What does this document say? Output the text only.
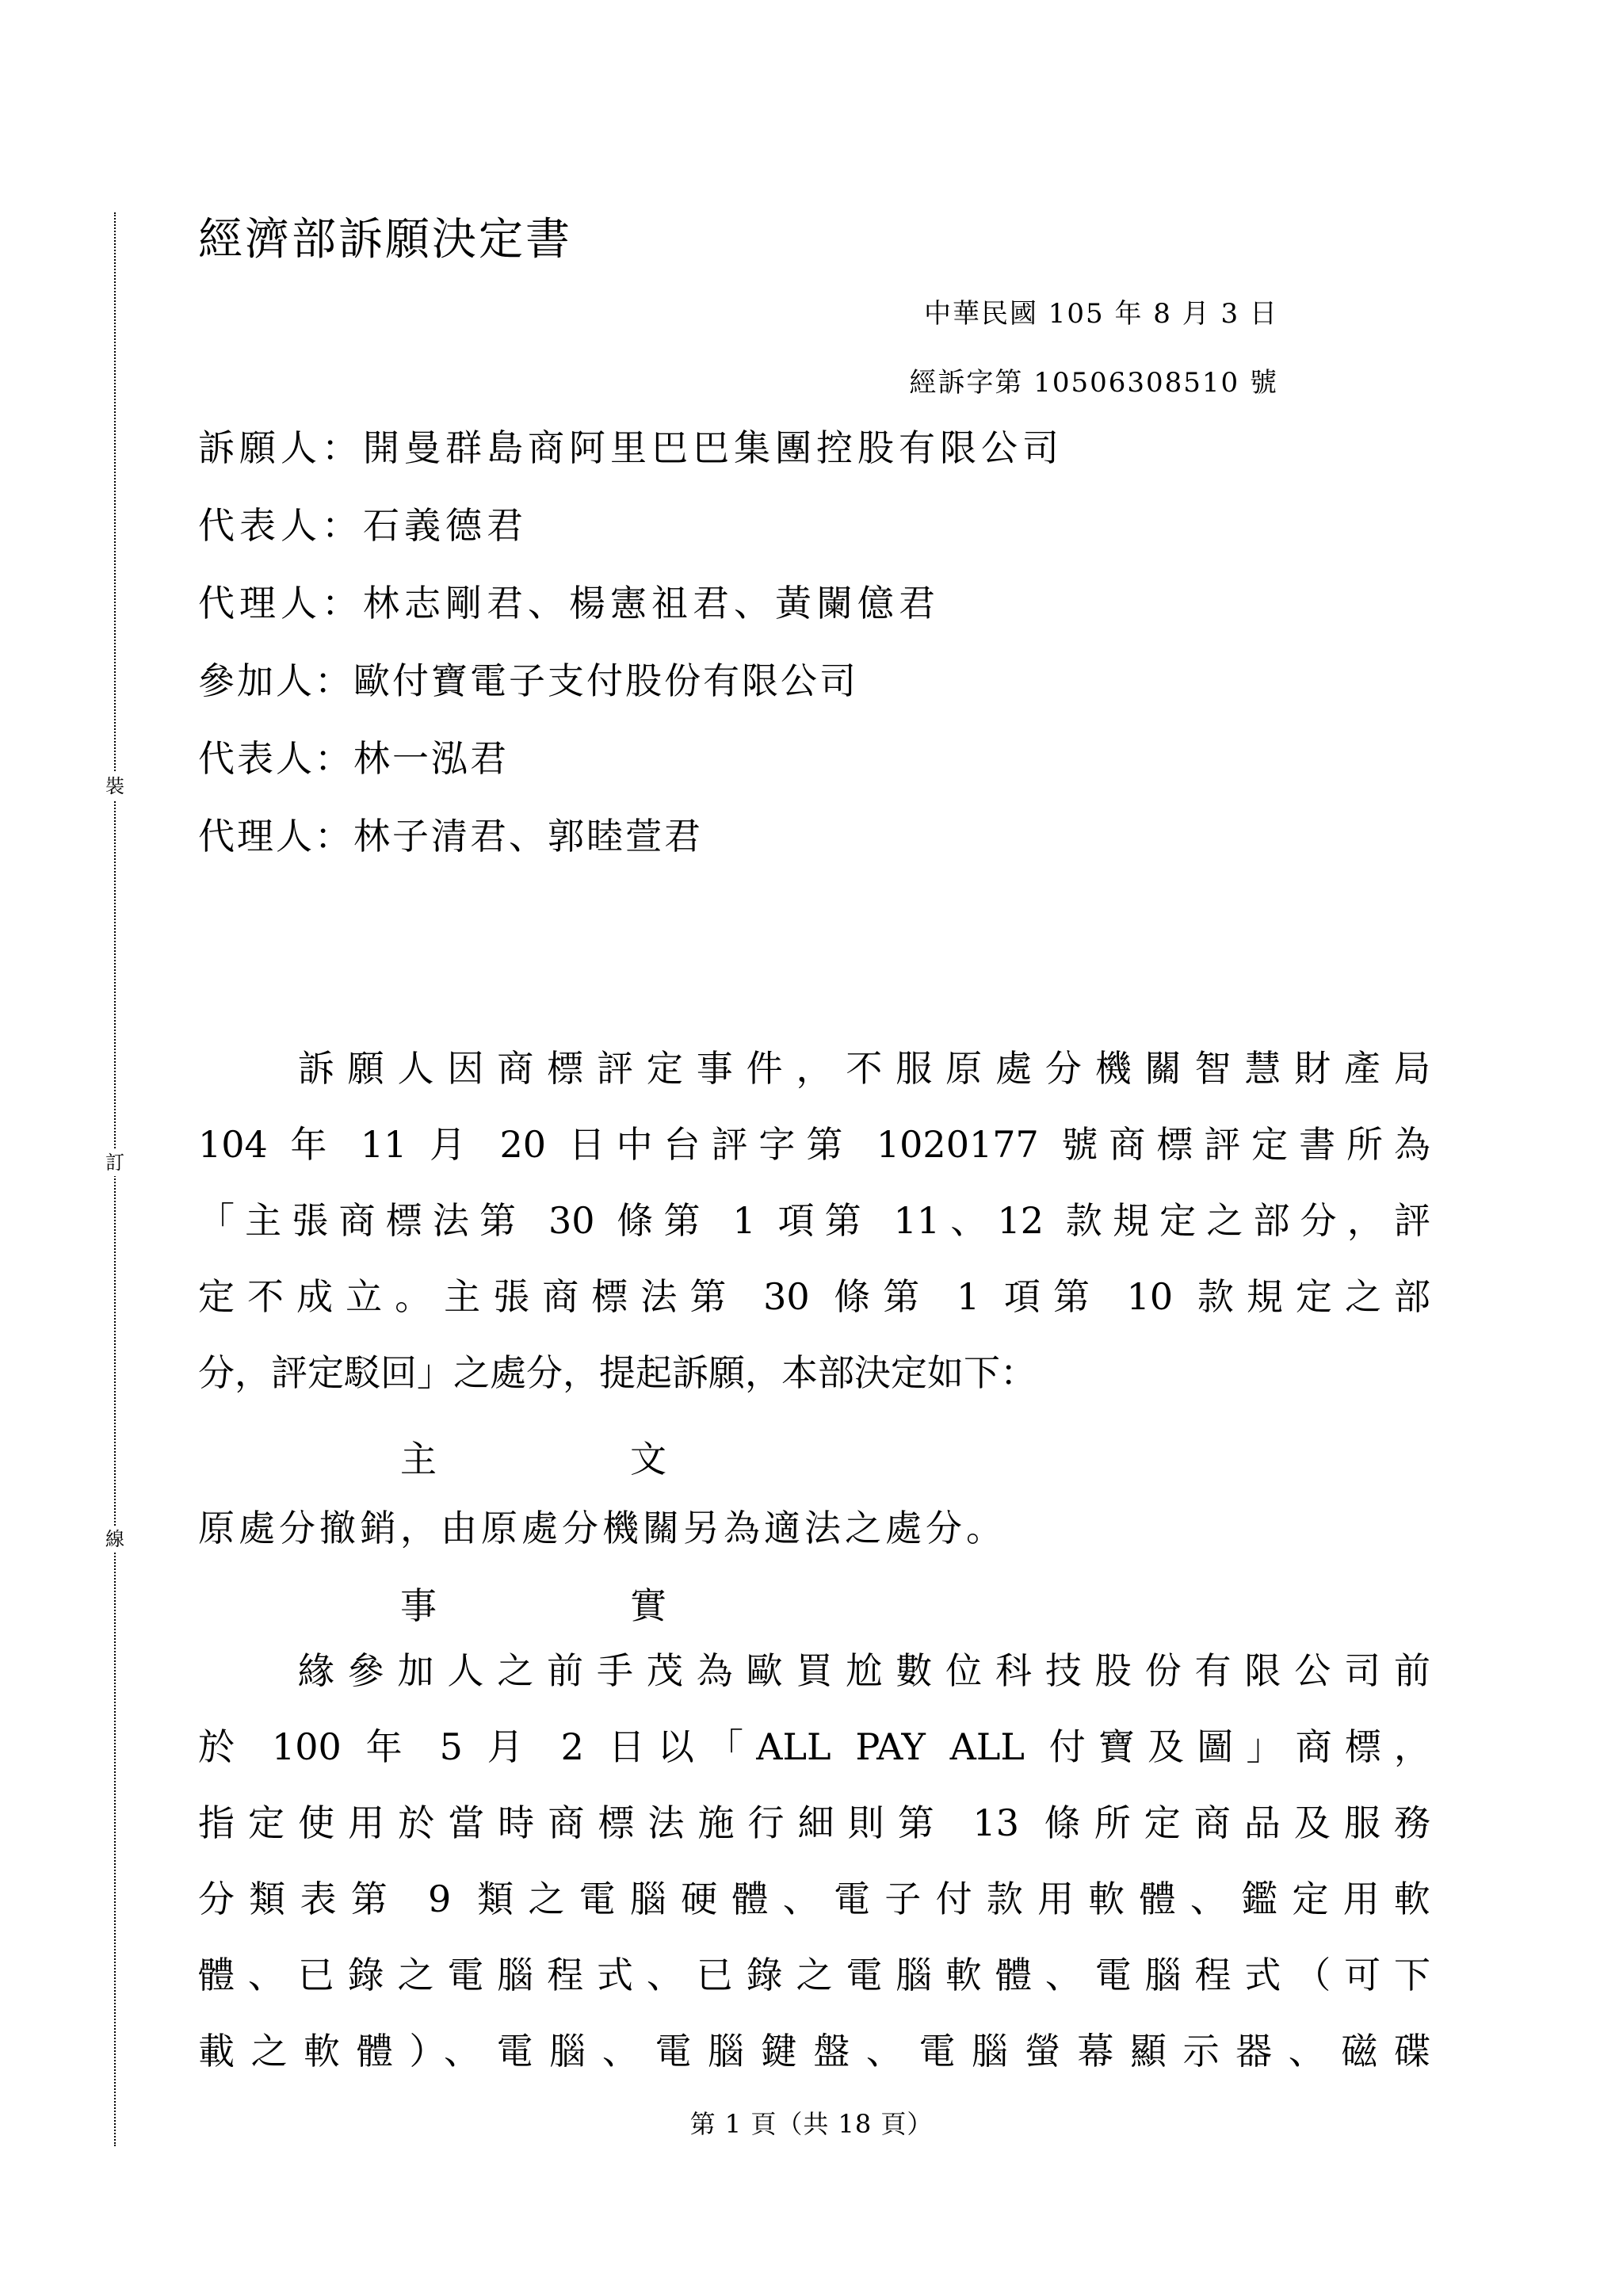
裝
訂
線
經濟部訴願決定書
中華民國 105 年 8 月 3 日
經訴字第 10506308510 號
訴願人：開曼群島商阿里巴巴集團控股有限公司
代表人：石義德君
代理人：林志剛君、楊憲祖君、黃闌億君
參加人：歐付寶電子支付股份有限公司
代表人：林一泓君
代理人：林子清君、郭睦萱君
　　訴願人因商標評定事件，不服原處分機關智慧財產局
104 年 11 月 20 日中台評字第 1020177 號商標評定書所為
「主張商標法第 30 條第 1 項第 11、12 款規定之部分，評
定不成立。主張商標法第 30 條第 1 項第 10 款規定之部
分，評定駁回」之處分，提起訴願，本部決定如下：
主	文
原處分撤銷，由原處分機關另為適法之處分。
事	實
　　緣參加人之前手茂為歐買尬數位科技股份有限公司前
於 100 年 5 月 2 日以「ALL PAY ALL 付寶及圖」商標，
指定使用於當時商標法施行細則第 13 條所定商品及服務
分類表第 9 類之電腦硬體、電子付款用軟體、鑑定用軟
體、已錄之電腦程式、已錄之電腦軟體、電腦程式（可下
載之軟體）、電腦、電腦鍵盤、電腦螢幕顯示器、磁碟
第 1 頁（共 18 頁）
